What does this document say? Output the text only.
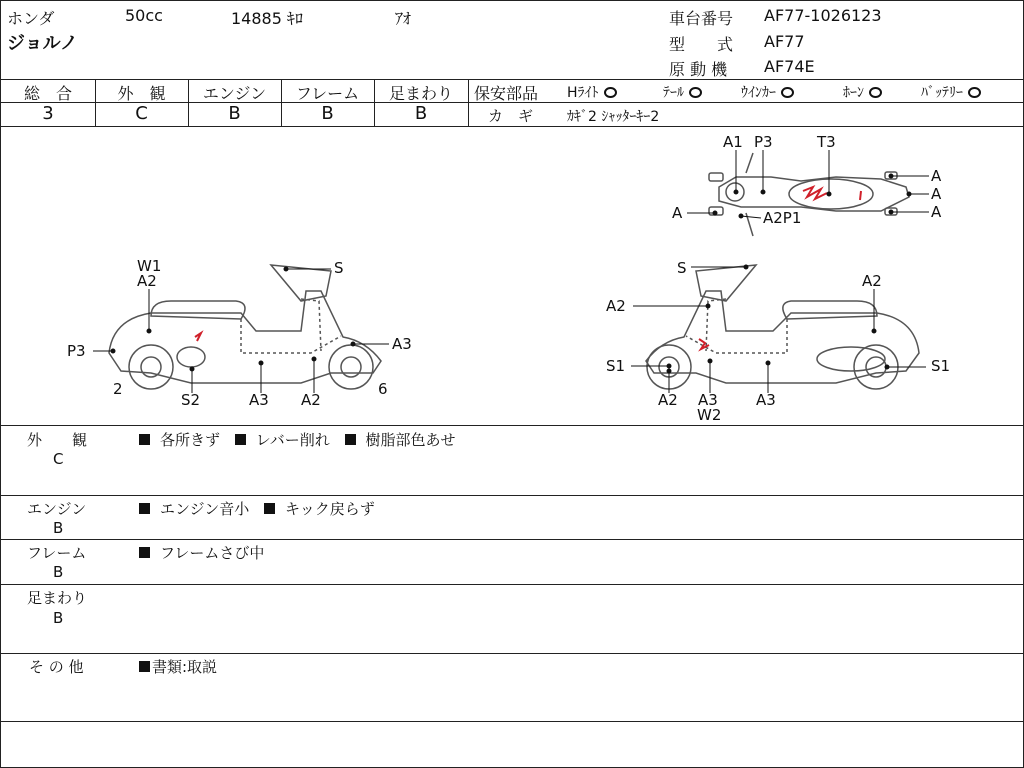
ホンダ	50cc	14885 ｷﾛ	ｱｵ
ジョルノ
車台番号 AF77-1026123
型　　式 AF77
原 動 機 AF74E
総　合	外　観	エンジン	フレーム	足まわり
3	C	B	B	B
保安部品 Hﾗｲﾄ	ﾃｰﾙ	ｳｲﾝｶｰ	ﾎｰﾝ	ﾊﾞｯﾃﾘｰ
カ　ギ ｶｷﾞ2 ｼｬｯﾀｰｷｰ2
A1 P3	T3
A
A
A
A	A2P1
W1
A2
S
P3	A3
2
S2	A3 A2
6
S
A2
A2
S1	S1
A2 A3
W2
A3
外　　観
C
各所きず レバー削れ 樹脂部色あせ
エンジン
B
エンジン音小 キック戻らず
フレーム
B
フレームさび中
足まわり
B
そ の 他	書類:取説
